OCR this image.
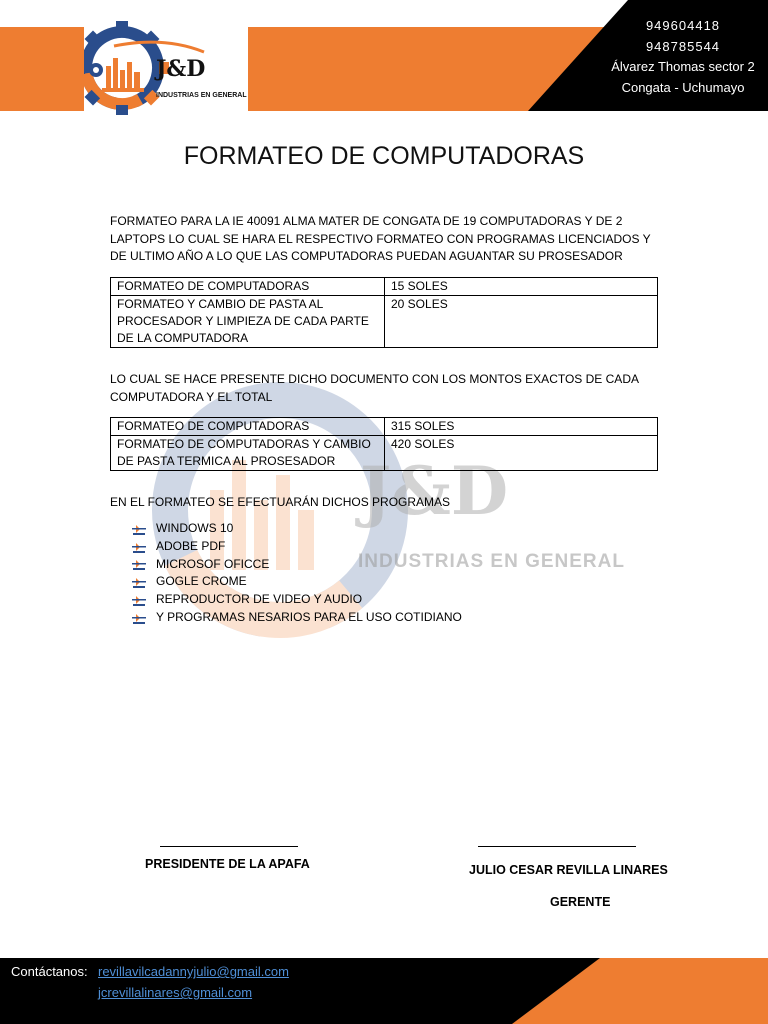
J&D
INDUSTRIAS EN GENERAL
949604418
948785544
Álvarez Thomas sector 2
Congata - Uchumayo
J&D
INDUSTRIAS EN GENERAL
FORMATEO DE COMPUTADORAS
FORMATEO PARA LA IE 40091 ALMA MATER DE CONGATA DE 19 COMPUTADORAS Y DE 2 LAPTOPS LO CUAL SE HARA EL RESPECTIVO FORMATEO CON PROGRAMAS LICENCIADOS Y DE ULTIMO AÑO A LO QUE LAS COMPUTADORAS PUEDAN AGUANTAR SU PROSESADOR
FORMATEO DE COMPUTADORAS	15 SOLES
FORMATEO Y CAMBIO DE PASTA AL PROCESADOR Y LIMPIEZA DE CADA PARTE DE LA COMPUTADORA	20 SOLES
LO CUAL SE HACE PRESENTE DICHO DOCUMENTO CON LOS MONTOS EXACTOS DE CADA COMPUTADORA Y EL TOTAL
FORMATEO DE COMPUTADORAS	315 SOLES
FORMATEO DE COMPUTADORAS Y CAMBIO DE PASTA TERMICA AL PROSESADOR	420 SOLES
EN EL FORMATEO SE EFECTUARÁN DICHOS PROGRAMAS
WINDOWS 10
ADOBE PDF
MICROSOF OFICCE
GOGLE CROME
REPRODUCTOR DE VIDEO Y AUDIO
Y PROGRAMAS NESARIOS PARA EL USO COTIDIANO
PRESIDENTE DE LA APAFA	JULIO CESAR REVILLA LINARES
GERENTE
Contáctanos: revillavilcadannyjulio@gmail.com
jcrevillalinares@gmail.com
